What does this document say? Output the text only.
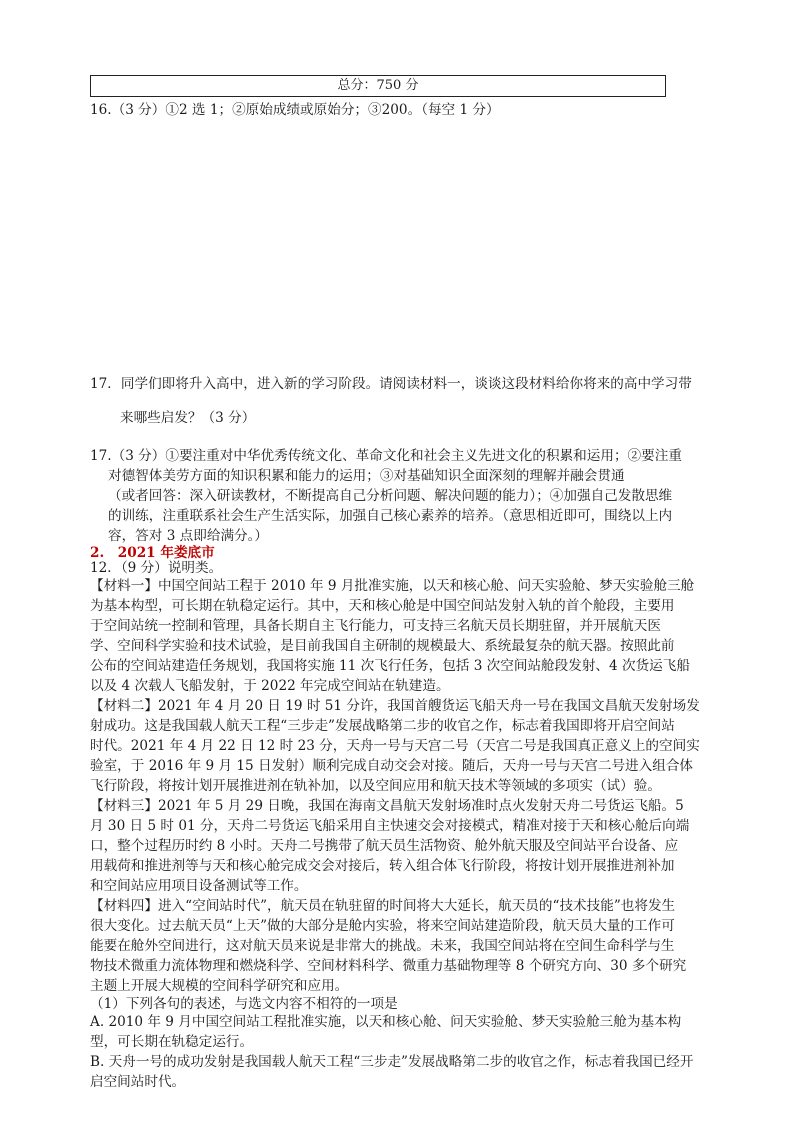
总分：750 分
16.（3 分）①2 选 1；②原始成绩或原始分；③200。（每空 1 分）
17．同学们即将升入高中，进入新的学习阶段。请阅读材料一，谈谈这段材料给你将来的高中学习带
来哪些启发？（3 分）
17.（3 分）①要注重对中华优秀传统文化、革命文化和社会主义先进文化的积累和运用；②要注重
对德智体美劳方面的知识积累和能力的运用；③对基础知识全面深刻的理解并融会贯通
（或者回答：深入研读教材，不断提高自己分析问题、解决问题的能力）；④加强自己发散思维
的训练，注重联系社会生产生活实际，加强自己核心素养的培养。（意思相近即可，围绕以上内
容，答对 3 点即给满分。）
2.　2021 年娄底市
12．（9 分）说明类。
【材料一】中国空间站工程于 2010 年 9 月批准实施，以天和核心舱、问天实验舱、梦天实验舱三舱
为基本构型，可长期在轨稳定运行。其中，天和核心舱是中国空间站发射入轨的首个舱段，主要用
于空间站统一控制和管理，具备长期自主飞行能力，可支持三名航天员长期驻留，并开展航天医
学、空间科学实验和技术试验，是目前我国自主研制的规模最大、系统最复杂的航天器。按照此前
公布的空间站建造任务规划，我国将实施 11 次飞行任务，包括 3 次空间站舱段发射、4 次货运飞船
以及 4 次载人飞船发射，于 2022 年完成空间站在轨建造。
【材料二】2021 年 4 月 20 日 19 时 51 分许，我国首艘货运飞船天舟一号在我国文昌航天发射场发
射成功。这是我国载人航天工程“三步走”发展战略第二步的收官之作，标志着我国即将开启空间站
时代。2021 年 4 月 22 日 12 时 23 分，天舟一号与天宫二号（天宫二号是我国真正意义上的空间实
验室，于 2016 年 9 月 15 日发射）顺利完成自动交会对接。随后，天舟一号与天宫二号进入组合体
飞行阶段，将按计划开展推进剂在轨补加，以及空间应用和航天技术等领域的多项实（试）验。
【材料三】2021 年 5 月 29 日晚，我国在海南文昌航天发射场准时点火发射天舟二号货运飞船。5
月 30 日 5 时 01 分，天舟二号货运飞船采用自主快速交会对接模式，精准对接于天和核心舱后向端
口，整个过程历时约 8 小时。天舟二号携带了航天员生活物资、舱外航天服及空间站平台设备、应
用载荷和推进剂等与天和核心舱完成交会对接后，转入组合体飞行阶段，将按计划开展推进剂补加
和空间站应用项目设备测试等工作。
【材料四】进入“空间站时代”，航天员在轨驻留的时间将大大延长，航天员的“技术技能”也将发生
很大变化。过去航天员“上天”做的大部分是舱内实验，将来空间站建造阶段，航天员大量的工作可
能要在舱外空间进行，这对航天员来说是非常大的挑战。未来，我国空间站将在空间生命科学与生
物技术微重力流体物理和燃烧科学、空间材料科学、微重力基础物理等 8 个研究方向、30 多个研究
主题上开展大规模的空间科学研究和应用。
（1）下列各句的表述，与选文内容不相符的一项是
A. 2010 年 9 月中国空间站工程批准实施，以天和核心舱、问天实验舱、梦天实验舱三舱为基本构
型，可长期在轨稳定运行。
B. 天舟一号的成功发射是我国载人航天工程“三步走”发展战略第二步的收官之作，标志着我国已经开
启空间站时代。
